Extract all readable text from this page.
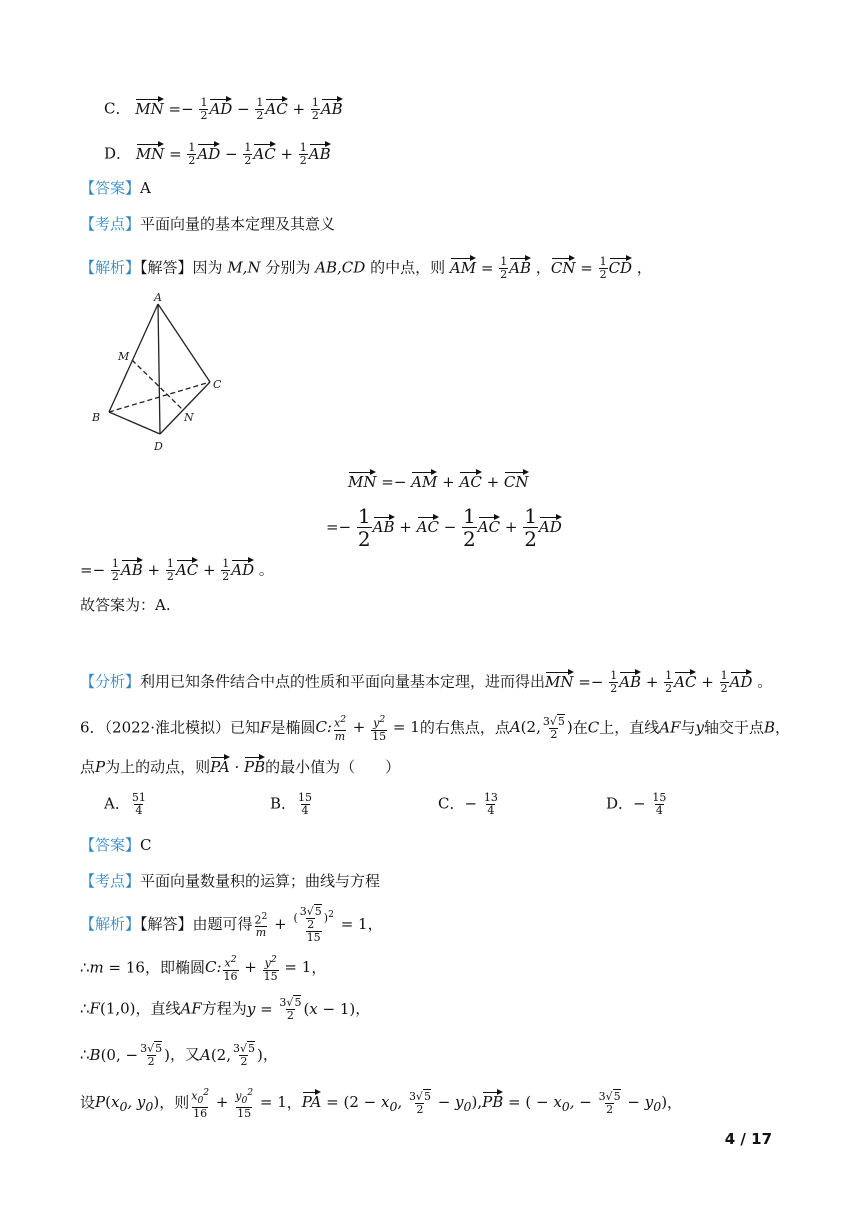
C． MN =− $\frac{1}{2}$ AD − $\frac{1}{2}$ AC + $\frac{1}{2}$ AB
D． MN = $\frac{1}{2}$ AD − $\frac{1}{2}$ AC + $\frac{1}{2}$ AB
【答案】A
【考点】平面向量的基本定理及其意义
【解析】【解答】因为 M,N 分别为 AB,CD 的中点，则 AM = $\frac{1}{2}$ AB ，CN = $\frac{1}{2}$ CD ，
A
M
C
B	N
D
MN =− AM + AC + CN
=− $\frac{1}{2}$ AB + AC − $\frac{1}{2}$ AC + $\frac{1}{2}$ AD
=− $\frac{1}{2}$ AB + $\frac{1}{2}$ AC + $\frac{1}{2}$ AD 。
故答案为：A.
【分析】利用已知条件结合中点的性质和平面向量基本定理，进而得出MN =− $\frac{1}{2}$ AB + $\frac{1}{2}$ AC + $\frac{1}{2}$ AD 。
6．（2022·淮北模拟）已知F是椭圆C: $\frac{x^2}{m} + \frac{y^2}{15} = 1$的右焦点，点A(2, $\frac{3√5}{2}$ )在C上，直线AF与y轴交于点B，
点P为上的动点，则PA · PB的最小值为（　　）
A． $\frac{51}{4}$	B． $\frac{15}{4}$	C．− $\frac{13}{4}$	D．− $\frac{15}{4}$
【答案】C
【考点】平面向量数量积的运算；曲线与方程
【解析】【解答】由题可得 $\frac{2^2}{m} + \frac{( \frac{3√5}{2} )^2}{15} = 1$，
∴m = 16，即椭圆C: $\frac{x^2}{16} + \frac{y^2}{15} = 1$，
∴F(1,0)，直线AF方程为$y = \frac{3√5}{2} (x - 1)$，
∴B(0, − $\frac{3√5}{2}$ )，又A(2, $\frac{3√5}{2}$ )，
设$P(x_0$, $y_0$)，则 $\frac{x_0^2}{16} + \frac{y_0^2}{15} = 1$，PA = ($2 - x_0$, $\frac{3√5}{2} - y_0),PB$ = ( − $x_0$, − $\frac{3√5}{2} - y_0$)，
4 / 17
